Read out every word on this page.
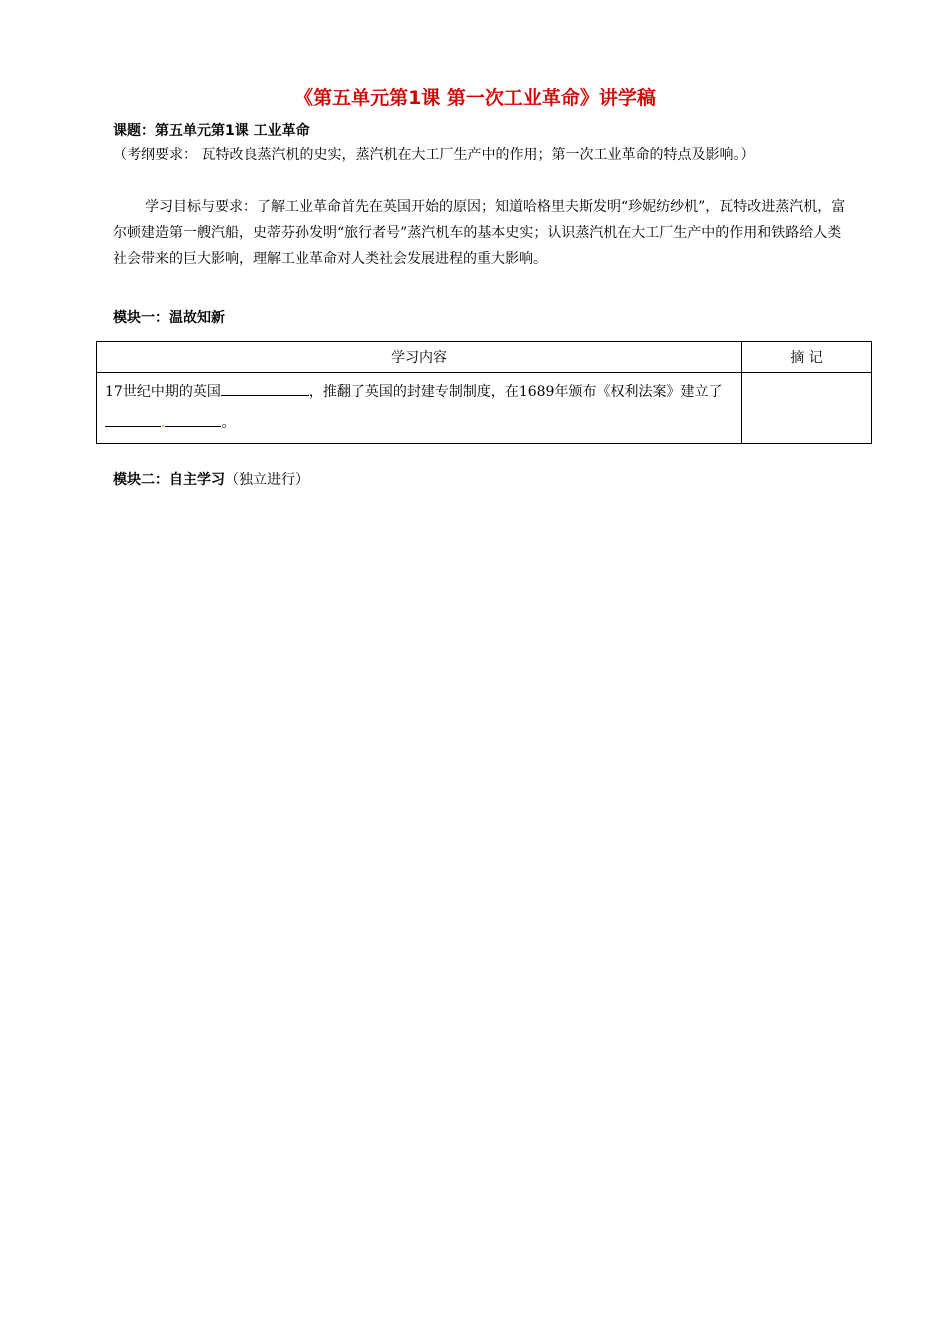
《第五单元第1课 第一次工业革命》讲学稿
课题：第五单元第1课 工业革命
（考纲要求： 瓦特改良蒸汽机的史实，蒸汽机在大工厂生产中的作用；第一次工业革命的特点及影响。）
学习目标与要求：了解工业革命首先在英国开始的原因；知道哈格里夫斯发明“珍妮纺纱机”，瓦特改进蒸汽机，富尔顿建造第一艘汽船，史蒂芬孙发明“旅行者号”蒸汽机车的基本史实；认识蒸汽机在大工厂生产中的作用和铁路给人类社会带来的巨大影响，理解工业革命对人类社会发展进程的重大影响。
模块一：温故知新
学习内容	摘 记
17世纪中期的英国 ，推翻了英国的封建专制制度，在1689年颁布《权利法案》建立了. 。	
模块二：自主学习（独立进行）
